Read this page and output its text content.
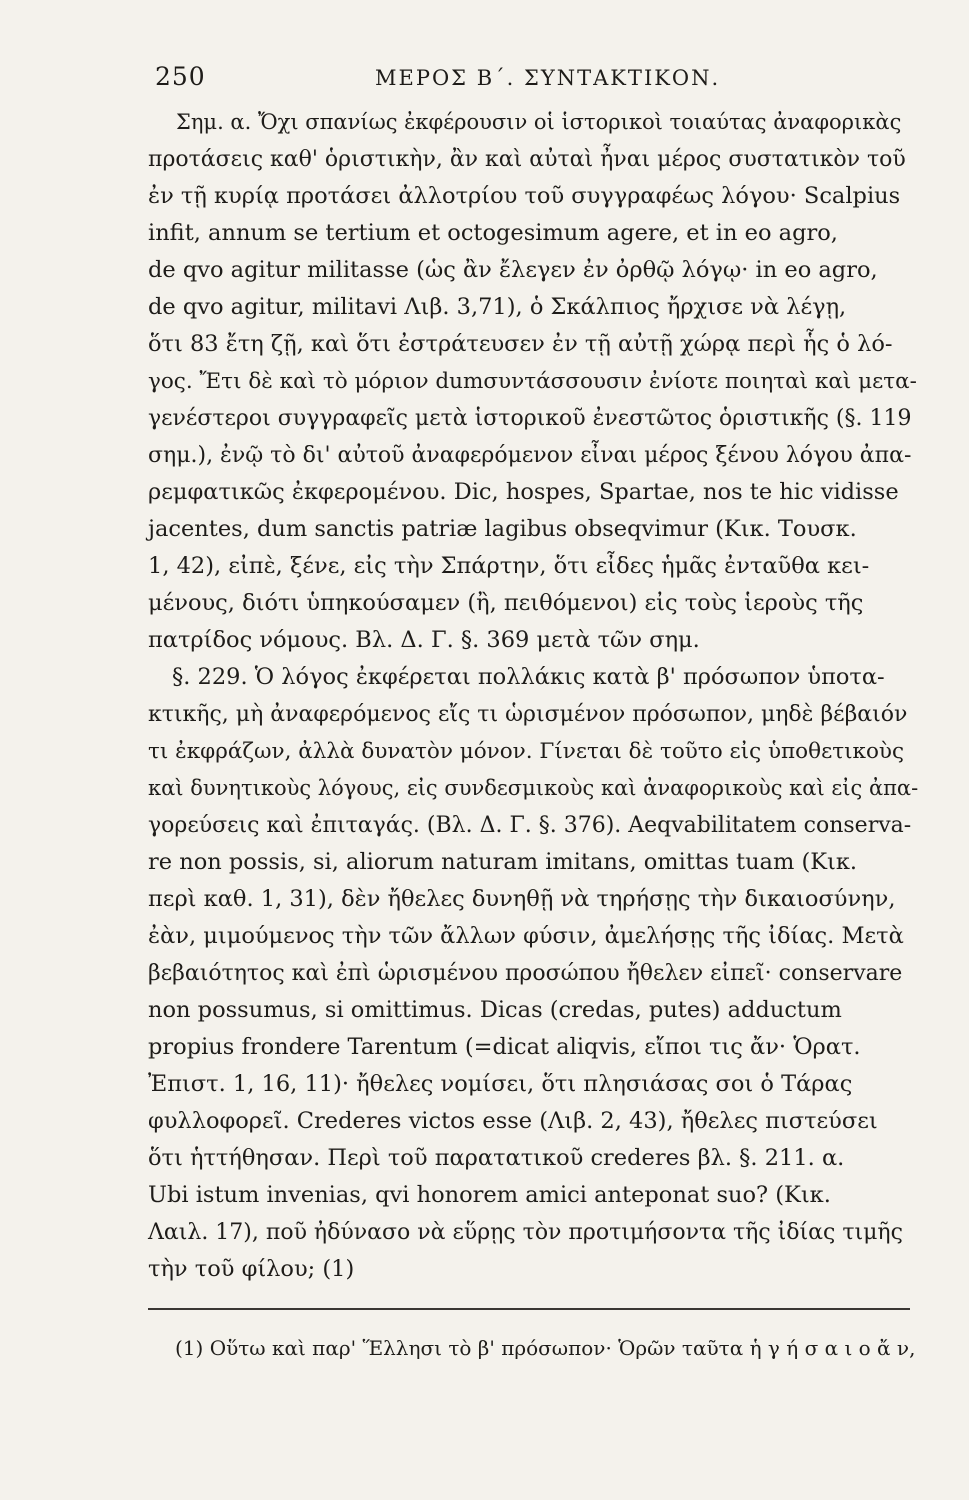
250	ΜΕΡΟΣ Β΄. ΣΥΝΤΑΚΤΙΚΟΝ.
Σημ. α. Ὄχι σπανίως ἐκφέρουσιν οἱ ἱστορικοὶ τοιαύτας ἀναφορικὰς
προτάσεις καθ' ὁριστικὴν, ἂν καὶ αὐταὶ ἦναι μέρος συστατικὸν τοῦ
ἐν τῇ κυρίᾳ προτάσει ἀλλοτρίου τοῦ συγγραφέως λόγου· Scalpius
infit, annum se tertium et octogesimum agere, et in eo agro,
de qvo agitur militasse (ὡς ἂν ἔλεγεν ἐν ὀρθῷ λόγῳ· in eo agro,
de qvo agitur, militavi Λιβ. 3,71), ὁ Σκάλπιος ἤρχισε νὰ λέγῃ,
ὅτι 83 ἔτη ζῇ, καὶ ὅτι ἐστράτευσεν ἐν τῇ αὐτῇ χώρᾳ περὶ ἧς ὁ λό-
γος. Ἔτι δὲ καὶ τὸ μόριον dumσυντάσσουσιν ἐνίοτε ποιηταὶ καὶ μετα-
γενέστεροι συγγραφεῖς μετὰ ἱστορικοῦ ἐνεστῶτος ὁριστικῆς (§. 119
σημ.), ἐνῷ τὸ δι' αὐτοῦ ἀναφερόμενον εἶναι μέρος ξένου λόγου ἀπα-
ρεμφατικῶς ἐκφερομένου. Dic, hospes, Spartae, nos te hic vidisse
jacentes, dum sanctis patriæ lagibus obseqvimur (Κικ. Τουσκ.
1, 42), εἰπὲ, ξένε, εἰς τὴν Σπάρτην, ὅτι εἶδες ἡμᾶς ἐνταῦθα κει-
μένους, διότι ὑπηκούσαμεν (ἢ, πειθόμενοι) εἰς τοὺς ἱεροὺς τῆς
πατρίδος νόμους. Βλ. Δ. Γ. §. 369 μετὰ τῶν σημ.
§. 229. Ὁ λόγος ἐκφέρεται πολλάκις κατὰ β' πρόσωπον ὑποτα-
κτικῆς, μὴ ἀναφερόμενος εἴς τι ὡρισμένον πρόσωπον, μηδὲ βέβαιόν
τι ἐκφράζων, ἀλλὰ δυνατὸν μόνον. Γίνεται δὲ τοῦτο εἰς ὑποθετικοὺς
καὶ δυνητικοὺς λόγους, εἰς συνδεσμικοὺς καὶ ἀναφορικοὺς καὶ εἰς ἀπα-
γορεύσεις καὶ ἐπιταγάς. (Βλ. Δ. Γ. §. 376). Aeqvabilitatem conserva-
re non possis, si, aliorum naturam imitans, omittas tuam (Κικ.
περὶ καθ. 1, 31), δὲν ἤθελες δυνηθῇ νὰ τηρήσῃς τὴν δικαιοσύνην,
ἐὰν, μιμούμενος τὴν τῶν ἄλλων φύσιν, ἀμελήσῃς τῆς ἰδίας. Μετὰ
βεβαιότητος καὶ ἐπὶ ὡρισμένου προσώπου ἤθελεν εἰπεῖ· conservare
non possumus, si omittimus. Dicas (credas, putes) adductum
propius frondere Tarentum (=dicat aliqvis, εἴποι τις ἄν· Ὁρατ.
Ἐπιστ. 1, 16, 11)· ἤθελες νομίσει, ὅτι πλησιάσας σοι ὁ Τάρας
φυλλοφορεῖ. Crederes victos esse (Λιβ. 2, 43), ἤθελες πιστεύσει
ὅτι ἡττήθησαν. Περὶ τοῦ παρατατικοῦ crederes βλ. §. 211. α.
Ubi istum invenias, qvi honorem amici anteponat suo? (Κικ.
Λαιλ. 17), ποῦ ἠδύνασο νὰ εὕρῃς τὸν προτιμήσοντα τῆς ἰδίας τιμῆς
τὴν τοῦ φίλου; (1)
(1) Οὕτω καὶ παρ' Ἕλλησι τὸ β' πρόσωπον· Ὁρῶν ταῦτα ἡ γ ή σ α ι ο ἄ ν,
